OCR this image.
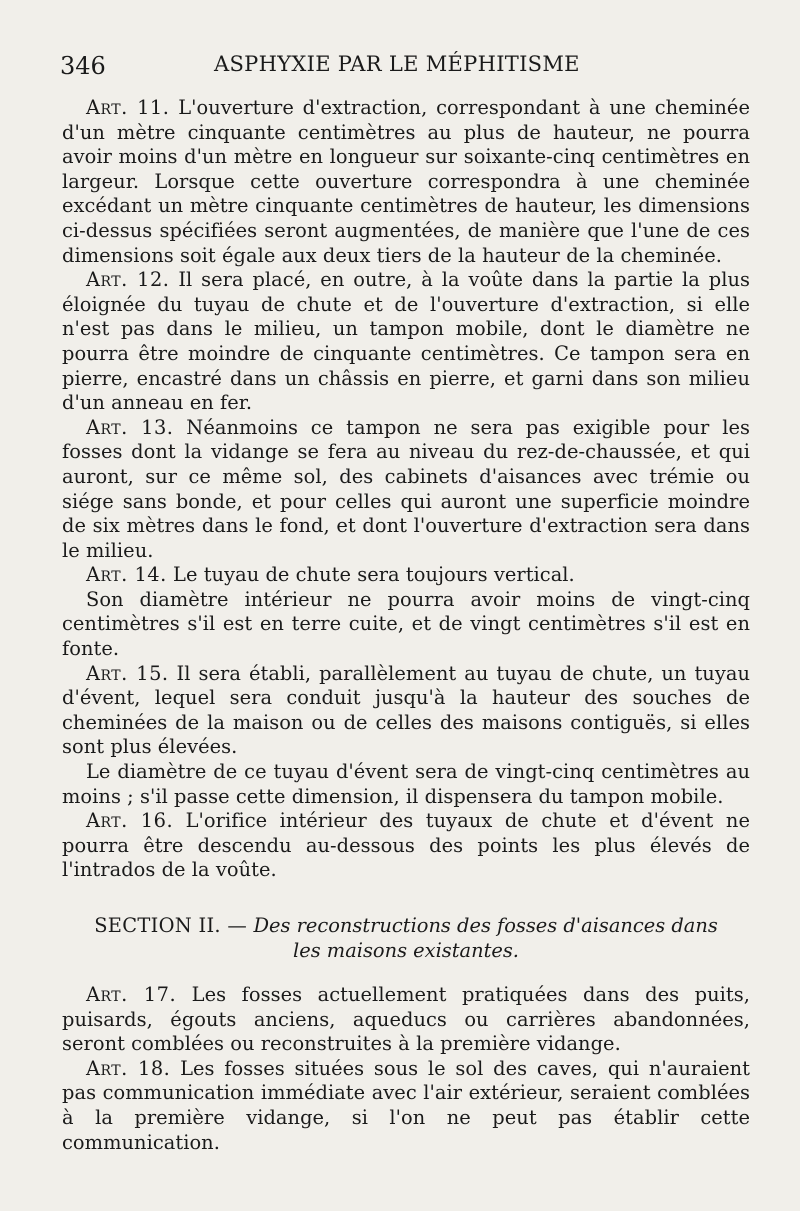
346	ASPHYXIE PAR LE MÉPHITISME

Art. 11. L'ouverture d'extraction, correspondant à une cheminée d'un mètre cinquante centimètres au plus de hauteur, ne pourra avoir moins d'un mètre en longueur sur soixante-cinq centimètres en largeur. Lorsque cette ouverture correspondra à une cheminée excédant un mètre cinquante centimètres de hauteur, les dimensions ci-dessus spécifiées seront augmentées, de manière que l'une de ces dimensions soit égale aux deux tiers de la hauteur de la cheminée.

Art. 12. Il sera placé, en outre, à la voûte dans la partie la plus éloignée du tuyau de chute et de l'ouverture d'extraction, si elle n'est pas dans le milieu, un tampon mobile, dont le diamètre ne pourra être moindre de cinquante centimètres. Ce tampon sera en pierre, encastré dans un châssis en pierre, et garni dans son milieu d'un anneau en fer.

Art. 13. Néanmoins ce tampon ne sera pas exigible pour les fosses dont la vidange se fera au niveau du rez-de-chaussée, et qui auront, sur ce même sol, des cabinets d'aisances avec trémie ou siége sans bonde, et pour celles qui auront une superficie moindre de six mètres dans le fond, et dont l'ouverture d'extraction sera dans le milieu.

Art. 14. Le tuyau de chute sera toujours vertical.

Son diamètre intérieur ne pourra avoir moins de vingt-cinq centimètres s'il est en terre cuite, et de vingt centimètres s'il est en fonte.

Art. 15. Il sera établi, parallèlement au tuyau de chute, un tuyau d'évent, lequel sera conduit jusqu'à la hauteur des souches de cheminées de la maison ou de celles des maisons contiguës, si elles sont plus élevées.

Le diamètre de ce tuyau d'évent sera de vingt-cinq centimètres au moins ; s'il passe cette dimension, il dispensera du tampon mobile.

Art. 16. L'orifice intérieur des tuyaux de chute et d'évent ne pourra être descendu au-dessous des points les plus élevés de l'intrados de la voûte.

SECTION II. — Des reconstructions des fosses d'aisances dans
les maisons existantes.

Art. 17. Les fosses actuellement pratiquées dans des puits, puisards, égouts anciens, aqueducs ou carrières abandonnées, seront comblées ou reconstruites à la première vidange.

Art. 18. Les fosses situées sous le sol des caves, qui n'auraient pas communication immédiate avec l'air extérieur, seraient comblées à la première vidange, si l'on ne peut pas établir cette communication.
